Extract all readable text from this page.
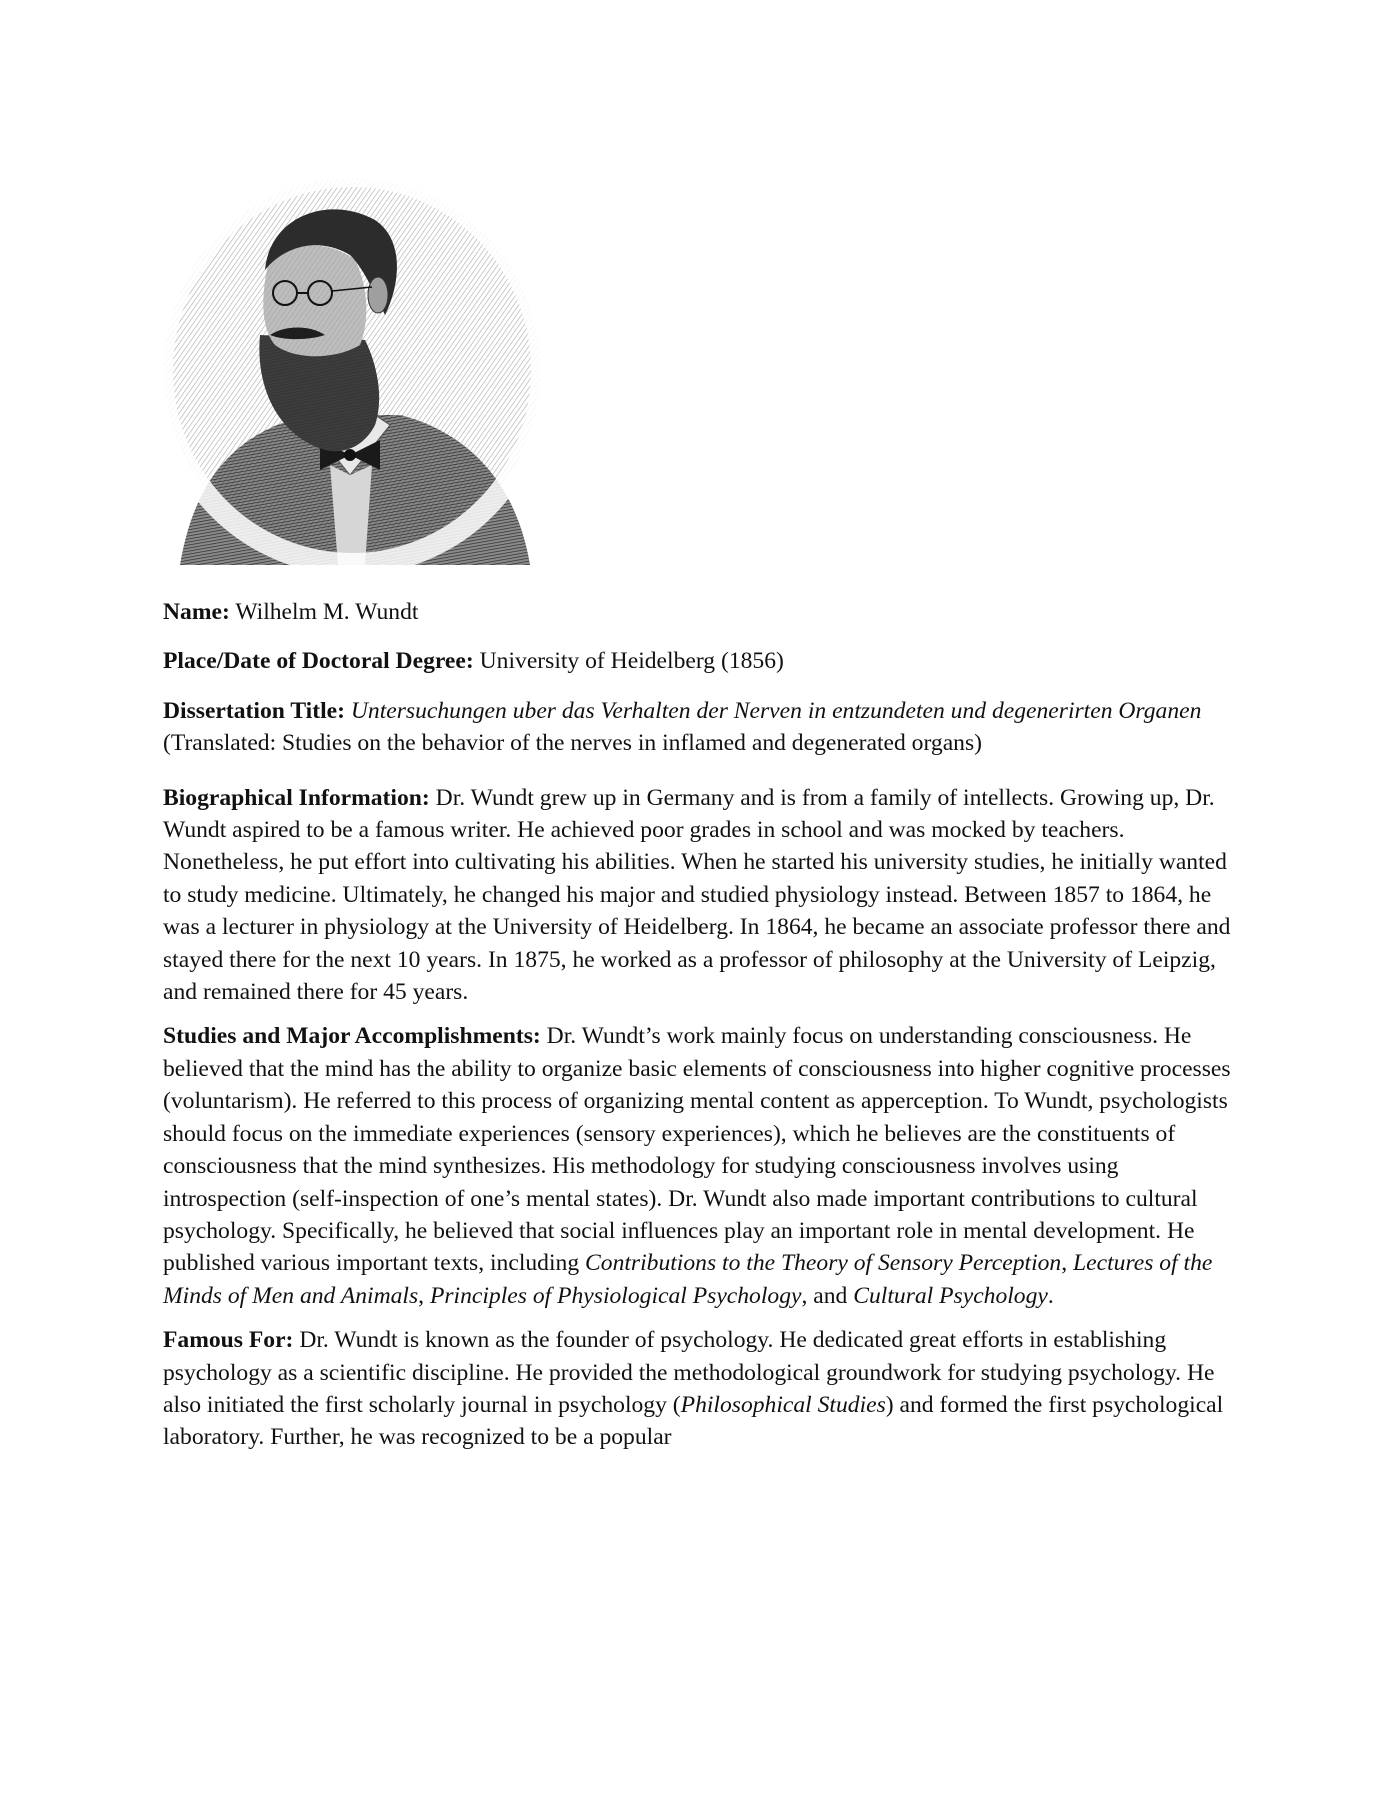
Name: Wilhelm M. Wundt
Place/Date of Doctoral Degree: University of Heidelberg (1856)
Dissertation Title: Untersuchungen uber das Verhalten der Nerven in entzundeten und degenerirten Organen (Translated: Studies on the behavior of the nerves in inflamed and degenerated organs)
Biographical Information: Dr. Wundt grew up in Germany and is from a family of intellects. Growing up, Dr. Wundt aspired to be a famous writer. He achieved poor grades in school and was mocked by teachers. Nonetheless, he put effort into cultivating his abilities. When he started his university studies, he initially wanted to study medicine. Ultimately, he changed his major and studied physiology instead. Between 1857 to 1864, he was a lecturer in physiology at the University of Heidelberg. In 1864, he became an associate professor there and stayed there for the next 10 years. In 1875, he worked as a professor of philosophy at the University of Leipzig, and remained there for 45 years.
Studies and Major Accomplishments: Dr. Wundt’s work mainly focus on understanding consciousness. He believed that the mind has the ability to organize basic elements of consciousness into higher cognitive processes (voluntarism). He referred to this process of organizing mental content as apperception. To Wundt, psychologists should focus on the immediate experiences (sensory experiences), which he believes are the constituents of consciousness that the mind synthesizes. His methodology for studying consciousness involves using introspection (self-inspection of one’s mental states). Dr. Wundt also made important contributions to cultural psychology. Specifically, he believed that social influences play an important role in mental development. He published various important texts, including Contributions to the Theory of Sensory Perception, Lectures of the Minds of Men and Animals, Principles of Physiological Psychology, and Cultural Psychology.
Famous For: Dr. Wundt is known as the founder of psychology. He dedicated great efforts in establishing psychology as a scientific discipline. He provided the methodological groundwork for studying psychology. He also initiated the first scholarly journal in psychology (Philosophical Studies) and formed the first psychological laboratory. Further, he was recognized to be a popular
